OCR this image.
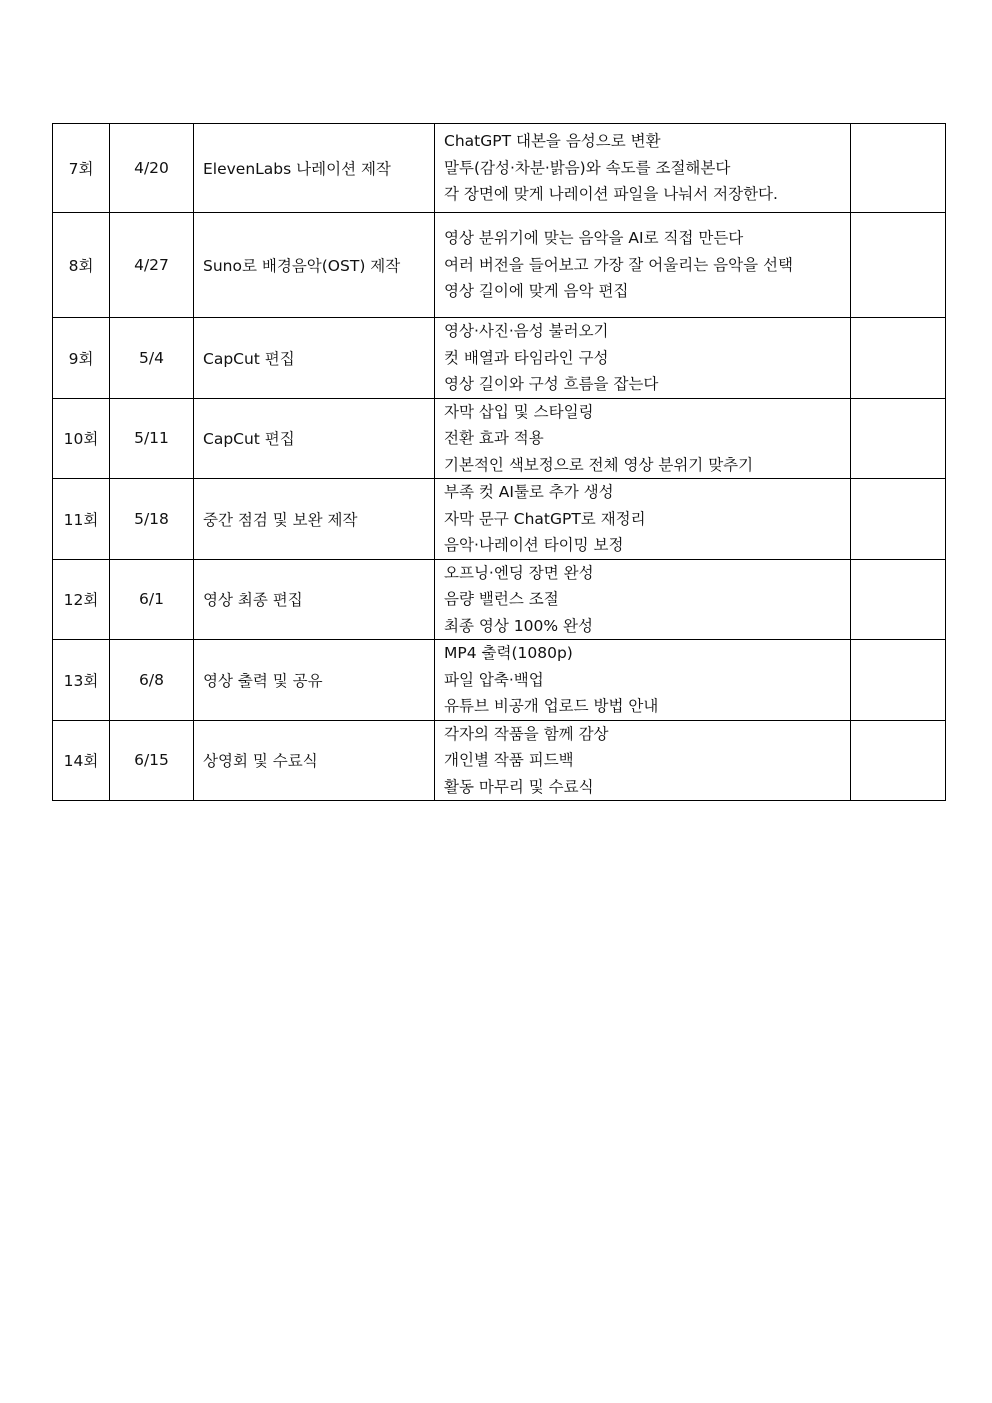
7회	4/20	ElevenLabs 나레이션 제작	ChatGPT 대본을 음성으로 변환
말투(감성·차분·밝음)와 속도를 조절해본다
각 장면에 맞게 나레이션 파일을 나눠서 저장한다.	

8회	4/27	Suno로 배경음악(OST) 제작	영상 분위기에 맞는 음악을 AI로 직접 만든다
여러 버전을 들어보고 가장 잘 어울리는 음악을 선택
영상 길이에 맞게 음악 편집	

9회	5/4	CapCut 편집	영상·사진·음성 불러오기
컷 배열과 타임라인 구성
영상 길이와 구성 흐름을 잡는다	

10회	5/11	CapCut 편집	자막 삽입 및 스타일링
전환 효과 적용
기본적인 색보정으로 전체 영상 분위기 맞추기	

11회	5/18	중간 점검 및 보완 제작	부족 컷 AI툴로 추가 생성
자막 문구 ChatGPT로 재정리
음악·나레이션 타이밍 보정	

12회	6/1	영상 최종 편집	오프닝·엔딩 장면 완성
음량 밸런스 조절
최종 영상 100% 완성	

13회	6/8	영상 출력 및 공유	MP4 출력(1080p)
파일 압축·백업
유튜브 비공개 업로드 방법 안내	

14회	6/15	상영회 및 수료식	각자의 작품을 함께 감상
개인별 작품 피드백
활동 마무리 및 수료식	
